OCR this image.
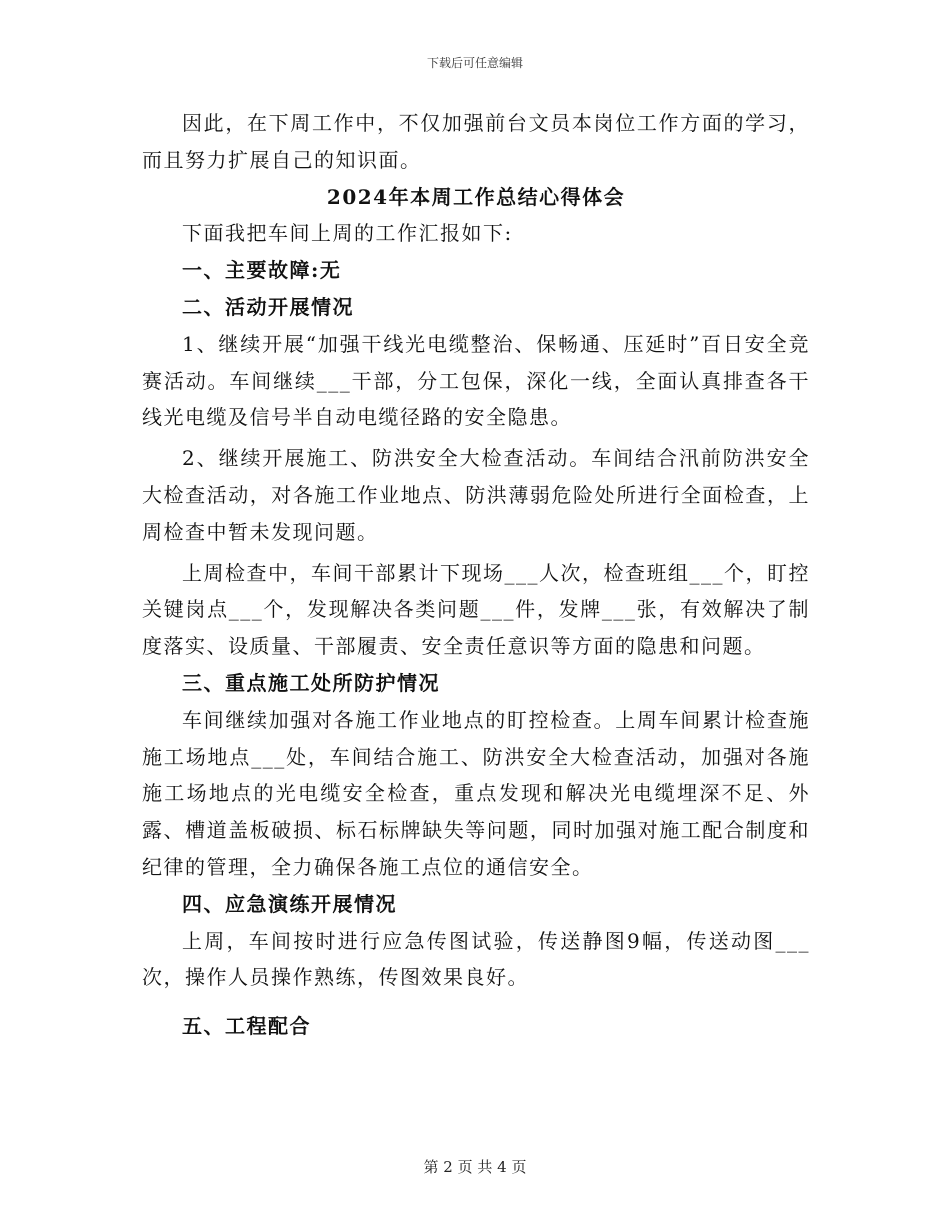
下载后可任意编辑

因此，在下周工作中，不仅加强前台文员本岗位工作方面的学习，而且努力扩展自己的知识面。

2024年本周工作总结心得体会

下面我把车间上周的工作汇报如下:

一、主要故障:无
二、活动开展情况

1、继续开展“加强干线光电缆整治、保畅通、压延时”百日安全竞赛活动。车间继续___干部，分工包保，深化一线，全面认真排查各干线光电缆及信号半自动电缆径路的安全隐患。

2、继续开展施工、防洪安全大检查活动。车间结合汛前防洪安全大检查活动，对各施工作业地点、防洪薄弱危险处所进行全面检查，上周检查中暂未发现问题。

上周检查中，车间干部累计下现场___人次，检查班组___个，盯控关键岗点___个，发现解决各类问题___件，发牌___张，有效解决了制度落实、设质量、干部履责、安全责任意识等方面的隐患和问题。

三、重点施工处所防护情况

车间继续加强对各施工作业地点的盯控检查。上周车间累计检查施施工场地点___处，车间结合施工、防洪安全大检查活动，加强对各施施工场地点的光电缆安全检查，重点发现和解决光电缆埋深不足、外露、槽道盖板破损、标石标牌缺失等问题，同时加强对施工配合制度和纪律的管理，全力确保各施工点位的通信安全。

四、应急演练开展情况

上周，车间按时进行应急传图试验，传送静图9幅，传送动图___次，操作人员操作熟练，传图效果良好。

五、工程配合
第 2 页 共 4 页
